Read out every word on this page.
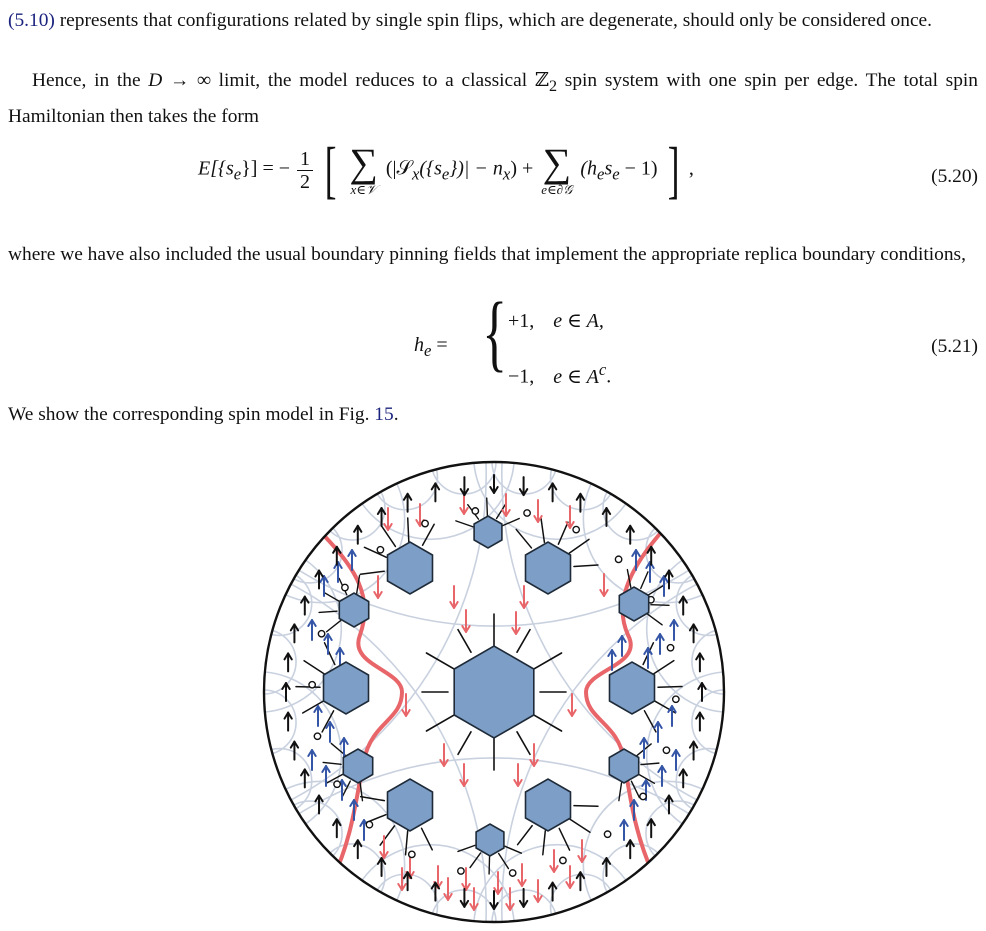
(5.10) represents that configurations related by single spin flips, which are degenerate, should only be considered once.
Hence, in the D → ∞ limit, the model reduces to a classical ℤ$_2$ spin system with one spin per edge. The total spin Hamiltonian then takes the form
$E[\{s_e\}]$ = − $\frac{1}{2}$ [ ∑
x∈𝒱
$(|𝒮_x(\{s_e\})| - n_x)$ + ∑
e∈∂𝒢
$(h_es_e - 1)$ ] ,	(5.20)
where we have also included the usual boundary pinning fields that implement the appropriate replica boundary conditions,
$h_e$ = { +1, e ∈ A,
−1, e ∈ $A^c$.
(5.21)
We show the corresponding spin model in Fig. 15.
